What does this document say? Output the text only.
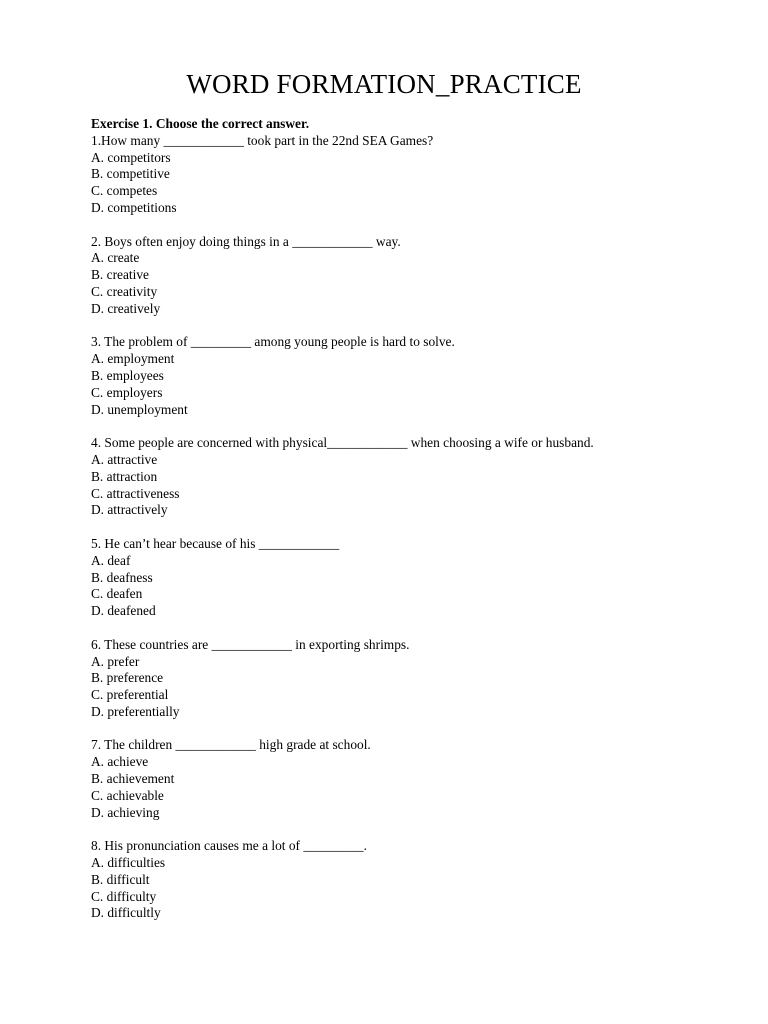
WORD FORMATION_PRACTICE
Exercise 1. Choose the correct answer.
1.How many ____________ took part in the 22nd SEA Games?
A. competitors
B. competitive
C. competes
D. competitions
2. Boys often enjoy doing things in a ____________ way.
A. create
B. creative
C. creativity
D. creatively
3. The problem of _________ among young people is hard to solve.
A. employment
B. employees
C. employers
D. unemployment
4. Some people are concerned with physical____________ when choosing a wife or husband.
A. attractive
B. attraction
C. attractiveness
D. attractively
5. He can’t hear because of his ____________
A. deaf
B. deafness
C. deafen
D. deafened
6. These countries are ____________ in exporting shrimps.
A. prefer
B. preference
C. preferential
D. preferentially
7. The children ____________ high grade at school.
A. achieve
B. achievement
C. achievable
D. achieving
8. His pronunciation causes me a lot of _________.
A. difficulties
B. difficult
C. difficulty
D. difficultly
